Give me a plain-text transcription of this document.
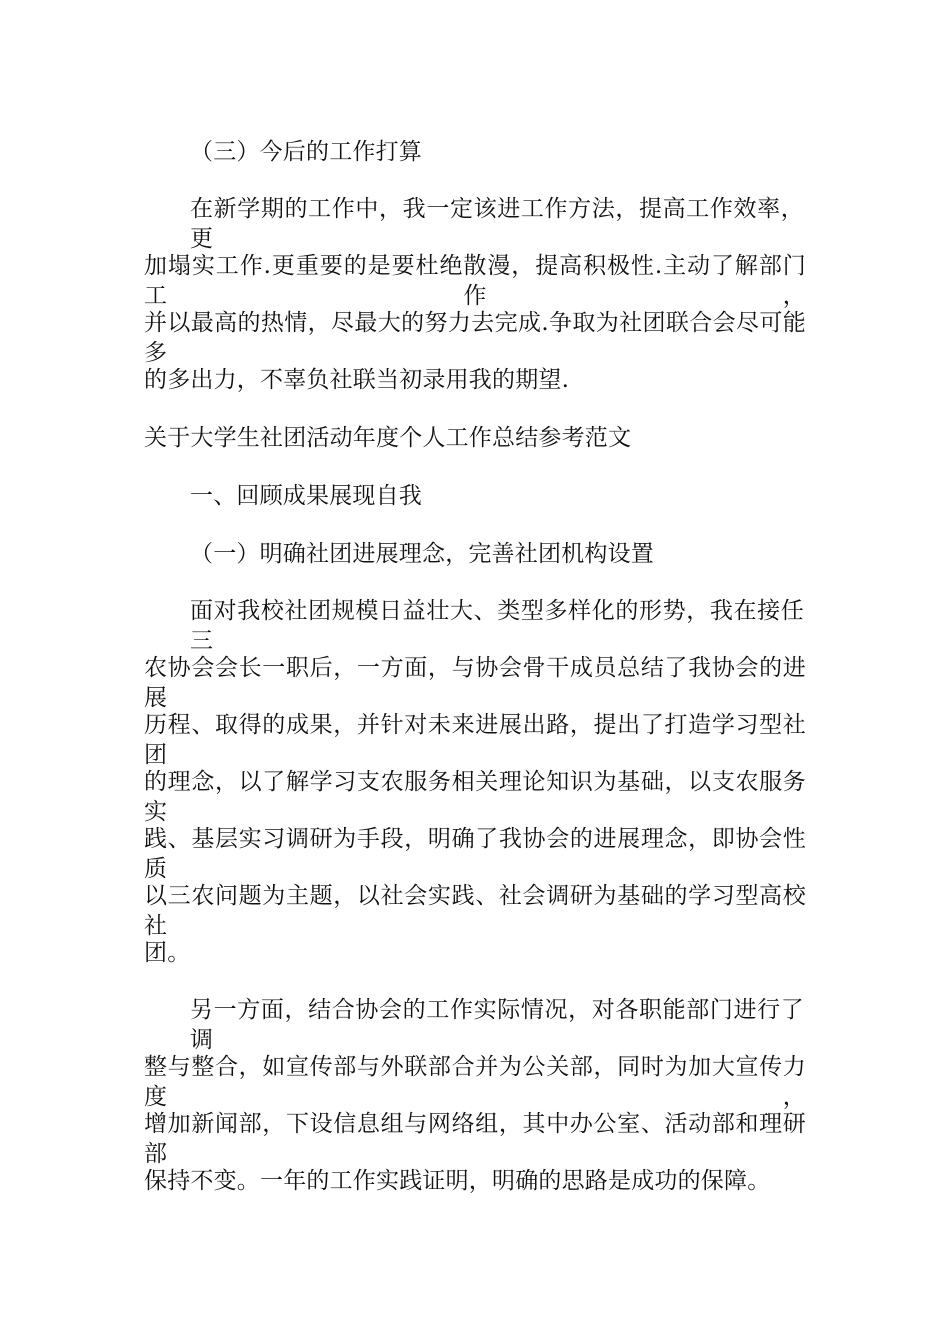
（三）今后的工作打算
在新学期的工作中，我一定该进工作方法，提高工作效率，更
加塌实工作.更重要的是要杜绝散漫，提高积极性.主动了解部门工作，
并以最高的热情，尽最大的努力去完成.争取为社团联合会尽可能多
的多出力，不辜负社联当初录用我的期望.
关于大学生社团活动年度个人工作总结参考范文
一、回顾成果展现自我
（一）明确社团进展理念，完善社团机构设置
面对我校社团规模日益壮大、类型多样化的形势，我在接任三
农协会会长一职后，一方面，与协会骨干成员总结了我协会的进展
历程、取得的成果，并针对未来进展出路，提出了打造学习型社团
的理念，以了解学习支农服务相关理论知识为基础，以支农服务实
践、基层实习调研为手段，明确了我协会的进展理念，即协会性质
以三农问题为主题，以社会实践、社会调研为基础的学习型高校社
团。
另一方面，结合协会的工作实际情况，对各职能部门进行了调
整与整合，如宣传部与外联部合并为公关部，同时为加大宣传力度，
增加新闻部，下设信息组与网络组，其中办公室、活动部和理研部
保持不变。一年的工作实践证明，明确的思路是成功的保障。
